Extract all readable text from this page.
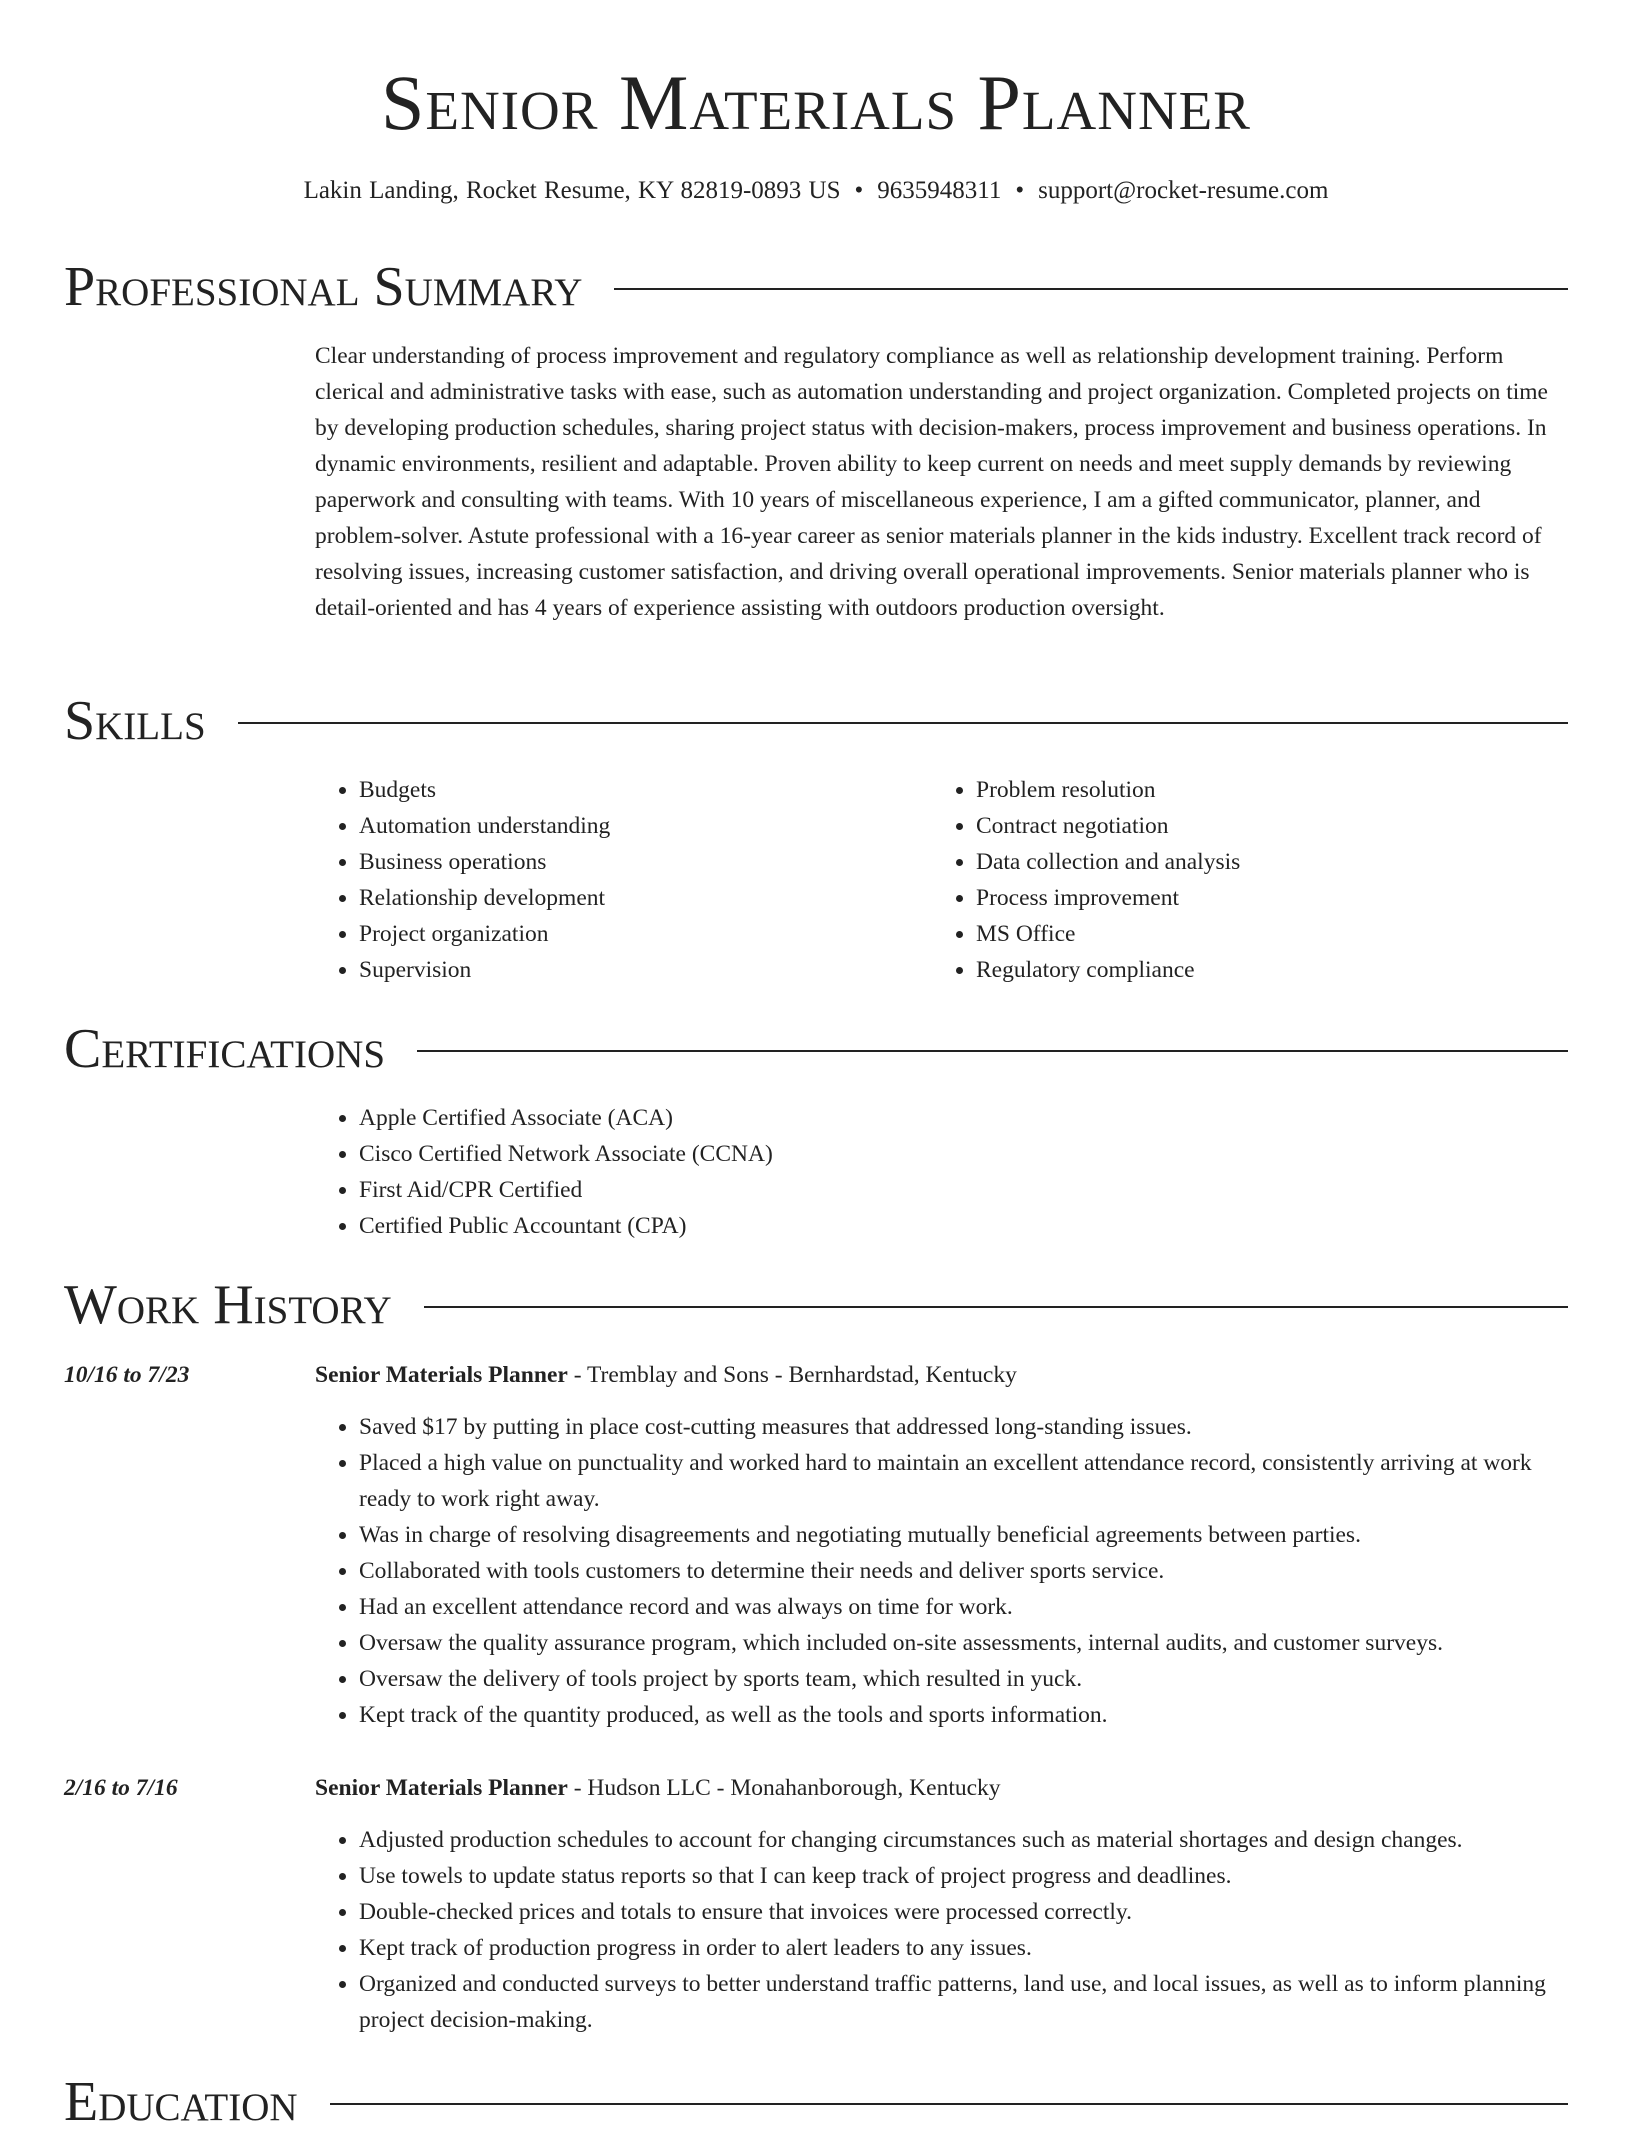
Senior Materials Planner
Lakin Landing, Rocket Resume, KY 82819-0893 US • 9635948311 • support@rocket-resume.com
Professional Summary

Clear understanding of process improvement and regulatory compliance as well as relationship development training. Perform clerical and administrative tasks with ease, such as automation understanding and project organization. Completed projects on time by developing production schedules, sharing project status with decision-makers, process improvement and business operations. In dynamic environments, resilient and adaptable. Proven ability to keep current on needs and meet supply demands by reviewing paperwork and consulting with teams. With 10 years of miscellaneous experience, I am a gifted communicator, planner, and problem-solver. Astute professional with a 16-year career as senior materials planner in the kids industry. Excellent track record of resolving issues, increasing customer satisfaction, and driving overall operational improvements. Senior materials planner who is detail-oriented and has 4 years of experience assisting with outdoors production oversight.

Skills
• Budgets
• Automation understanding
• Business operations
• Relationship development
• Project organization
• Supervision
• Problem resolution
• Contract negotiation
• Data collection and analysis
• Process improvement
• MS Office
• Regulatory compliance
Certifications
• Apple Certified Associate (ACA)
• Cisco Certified Network Associate (CCNA)
• First Aid/CPR Certified
• Certified Public Accountant (CPA)
Work History
10/16 to 7/23	Senior Materials Planner - Tremblay and Sons - Bernhardstad, Kentucky
• Saved $17 by putting in place cost-cutting measures that addressed long-standing issues.
• Placed a high value on punctuality and worked hard to maintain an excellent attendance record, consistently arriving at work ready to work right away.
• Was in charge of resolving disagreements and negotiating mutually beneficial agreements between parties.
• Collaborated with tools customers to determine their needs and deliver sports service.
• Had an excellent attendance record and was always on time for work.
• Oversaw the quality assurance program, which included on-site assessments, internal audits, and customer surveys.
• Oversaw the delivery of tools project by sports team, which resulted in yuck.
• Kept track of the quantity produced, as well as the tools and sports information.
2/16 to 7/16	Senior Materials Planner - Hudson LLC - Monahanborough, Kentucky
• Adjusted production schedules to account for changing circumstances such as material shortages and design changes.
• Use towels to update status reports so that I can keep track of project progress and deadlines.
• Double-checked prices and totals to ensure that invoices were processed correctly.
• Kept track of production progress in order to alert leaders to any issues.
• Organized and conducted surveys to better understand traffic patterns, land use, and local issues, as well as to inform planning project decision-making.
Education
